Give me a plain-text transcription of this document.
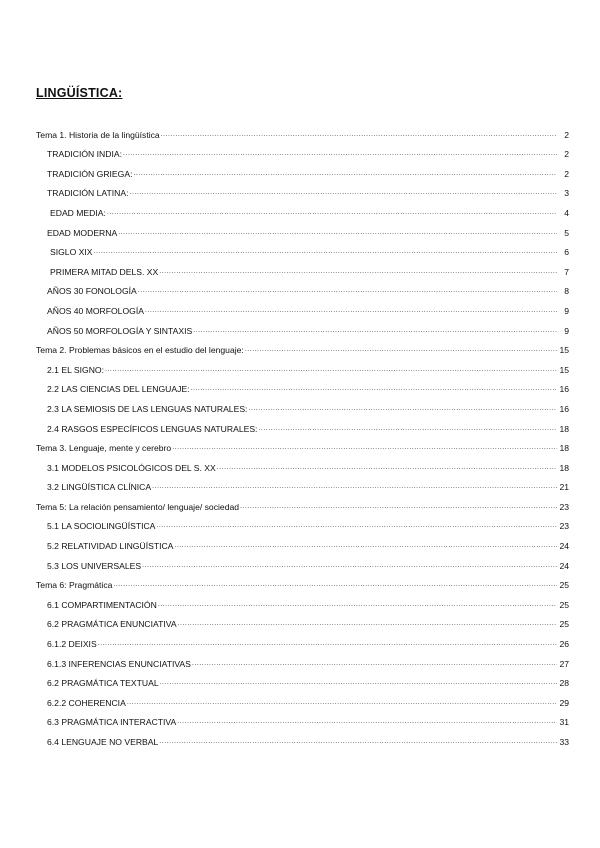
LINGÜÍSTICA:
Tema 1. Historia de la lingüística .....	2
TRADICIÓN INDIA: .....	2
TRADICIÓN GRIEGA: .....	2
TRADICIÓN LATINA: .....	3
EDAD MEDIA: .....	4
EDAD MODERNA .....	5
SIGLO XIX .....	6
PRIMERA MITAD DELS. XX .....	7
AÑOS 30 FONOLOGÍA .....	8
AÑOS 40 MORFOLOGÍA .....	9
AÑOS 50 MORFOLOGÍA Y SINTAXIS .....	9
Tema 2. Problemas básicos en el estudio del lenguaje: .....	15
2.1 EL SIGNO: .....	15
2.2 LAS CIENCIAS DEL LENGUAJE: .....	16
2.3 LA SEMIOSIS DE LAS LENGUAS NATURALES: .....	16
2.4 RASGOS ESPECÍFICOS LENGUAS NATURALES: .....	18
Tema 3. Lenguaje, mente y cerebro .....	18
3.1 MODELOS PSICOLÓGICOS DEL S. XX .....	18
3.2 LINGÜÍSTICA CLÍNICA .....	21
Tema 5: La relación pensamiento/ lenguaje/ sociedad .....	23
5.1 LA SOCIOLINGÜÍSTICA .....	23
5.2 RELATIVIDAD LINGÜÍSTICA .....	24
5.3 LOS UNIVERSALES .....	24
Tema 6: Pragmática .....	25
6.1 COMPARTIMENTACIÓN .....	25
6.2 PRAGMÁTICA ENUNCIATIVA .....	25
6.1.2 DEIXIS .....	26
6.1.3 INFERENCIAS ENUNCIATIVAS .....	27
6.2 PRAGMÁTICA TEXTUAL .....	28
6.2.2 COHERENCIA .....	29
6.3 PRAGMÁTICA INTERACTIVA .....	31
6.4 LENGUAJE NO VERBAL .....	33
